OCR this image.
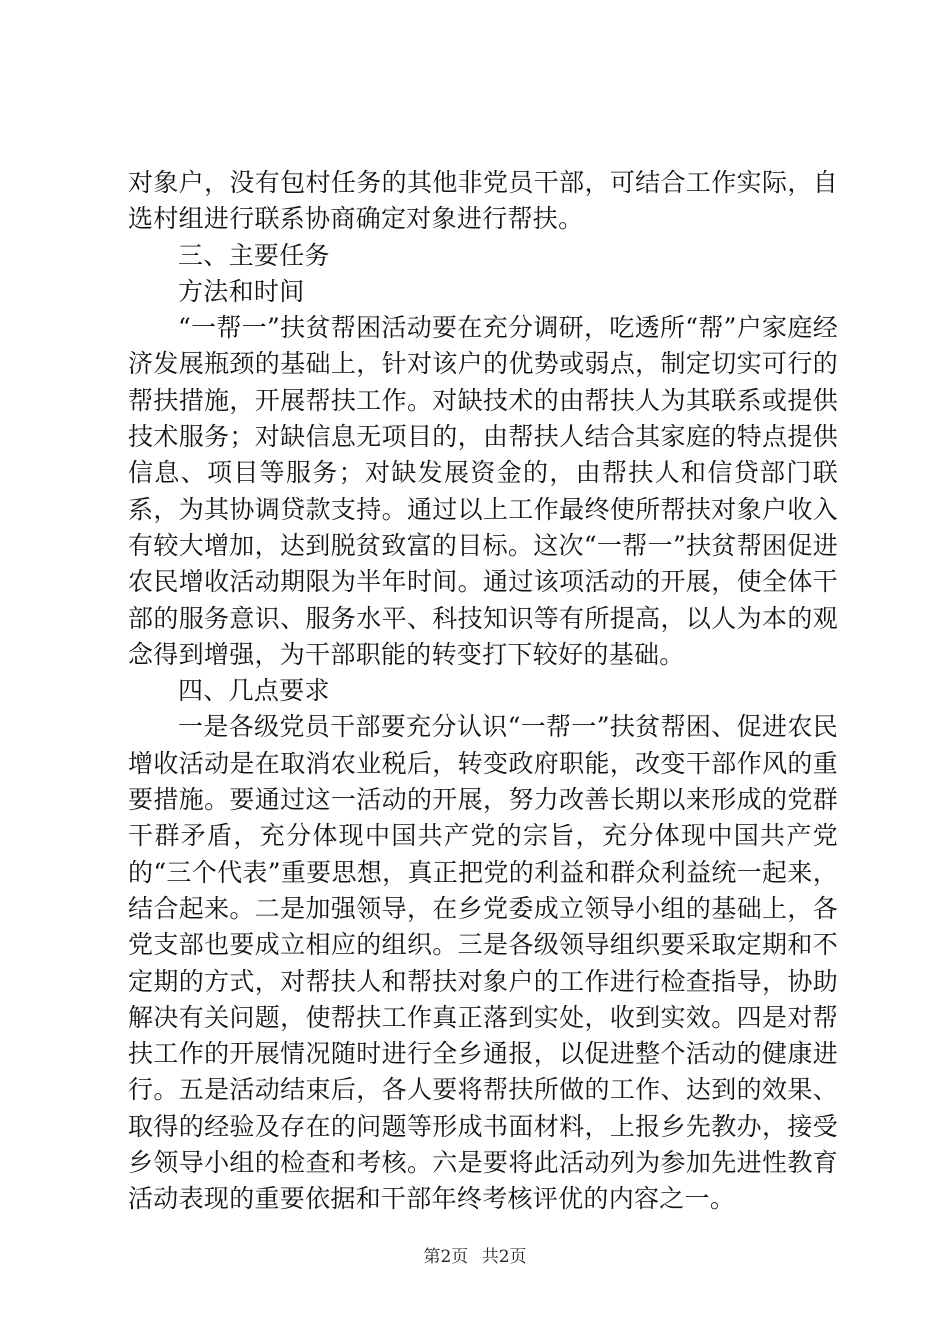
对象户，没有包村任务的其他非党员干部，可结合工作实际，自选村组进行联系协商确定对象进行帮扶。

三、主要任务

方法和时间

“一帮一”扶贫帮困活动要在充分调研，吃透所“帮”户家庭经济发展瓶颈的基础上，针对该户的优势或弱点，制定切实可行的帮扶措施，开展帮扶工作。对缺技术的由帮扶人为其联系或提供技术服务；对缺信息无项目的，由帮扶人结合其家庭的特点提供信息、项目等服务；对缺发展资金的，由帮扶人和信贷部门联系，为其协调贷款支持。通过以上工作最终使所帮扶对象户收入有较大增加，达到脱贫致富的目标。这次“一帮一”扶贫帮困促进农民增收活动期限为半年时间。通过该项活动的开展，使全体干部的服务意识、服务水平、科技知识等有所提高，以人为本的观念得到增强，为干部职能的转变打下较好的基础。

四、几点要求

一是各级党员干部要充分认识“一帮一”扶贫帮困、促进农民增收活动是在取消农业税后，转变政府职能，改变干部作风的重要措施。要通过这一活动的开展，努力改善长期以来形成的党群干群矛盾，充分体现中国共产党的宗旨，充分体现中国共产党的“三个代表”重要思想，真正把党的利益和群众利益统一起来，结合起来。二是加强领导，在乡党委成立领导小组的基础上，各党支部也要成立相应的组织。三是各级领导组织要采取定期和不定期的方式，对帮扶人和帮扶对象户的工作进行检查指导，协助解决有关问题，使帮扶工作真正落到实处，收到实效。四是对帮扶工作的开展情况随时进行全乡通报，以促进整个活动的健康进行。五是活动结束后，各人要将帮扶所做的工作、达到的效果、取得的经验及存在的问题等形成书面材料，上报乡先教办，接受乡领导小组的检查和考核。六是要将此活动列为参加先进性教育活动表现的重要依据和干部年终考核评优的内容之一。

第2页 共2页
